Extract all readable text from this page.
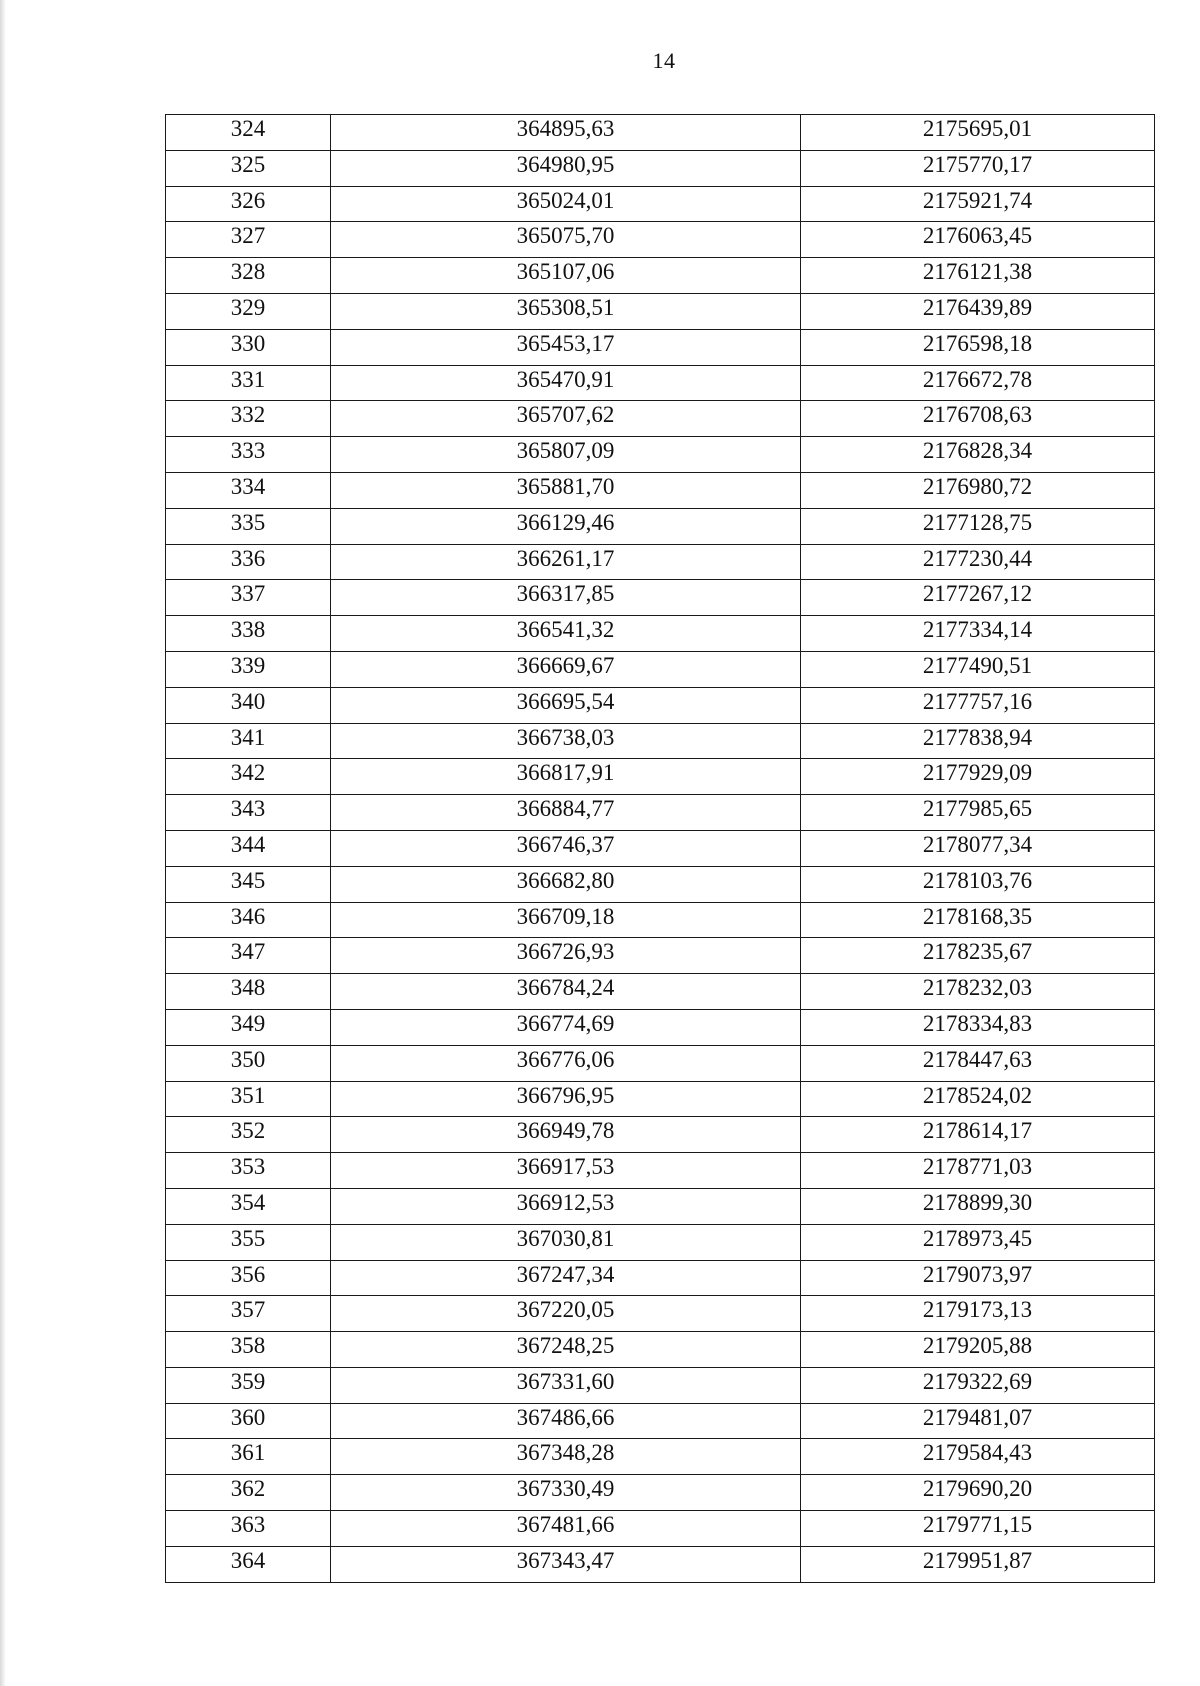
14
324	364895,63	2175695,01
325	364980,95	2175770,17
326	365024,01	2175921,74
327	365075,70	2176063,45
328	365107,06	2176121,38
329	365308,51	2176439,89
330	365453,17	2176598,18
331	365470,91	2176672,78
332	365707,62	2176708,63
333	365807,09	2176828,34
334	365881,70	2176980,72
335	366129,46	2177128,75
336	366261,17	2177230,44
337	366317,85	2177267,12
338	366541,32	2177334,14
339	366669,67	2177490,51
340	366695,54	2177757,16
341	366738,03	2177838,94
342	366817,91	2177929,09
343	366884,77	2177985,65
344	366746,37	2178077,34
345	366682,80	2178103,76
346	366709,18	2178168,35
347	366726,93	2178235,67
348	366784,24	2178232,03
349	366774,69	2178334,83
350	366776,06	2178447,63
351	366796,95	2178524,02
352	366949,78	2178614,17
353	366917,53	2178771,03
354	366912,53	2178899,30
355	367030,81	2178973,45
356	367247,34	2179073,97
357	367220,05	2179173,13
358	367248,25	2179205,88
359	367331,60	2179322,69
360	367486,66	2179481,07
361	367348,28	2179584,43
362	367330,49	2179690,20
363	367481,66	2179771,15
364	367343,47	2179951,87
